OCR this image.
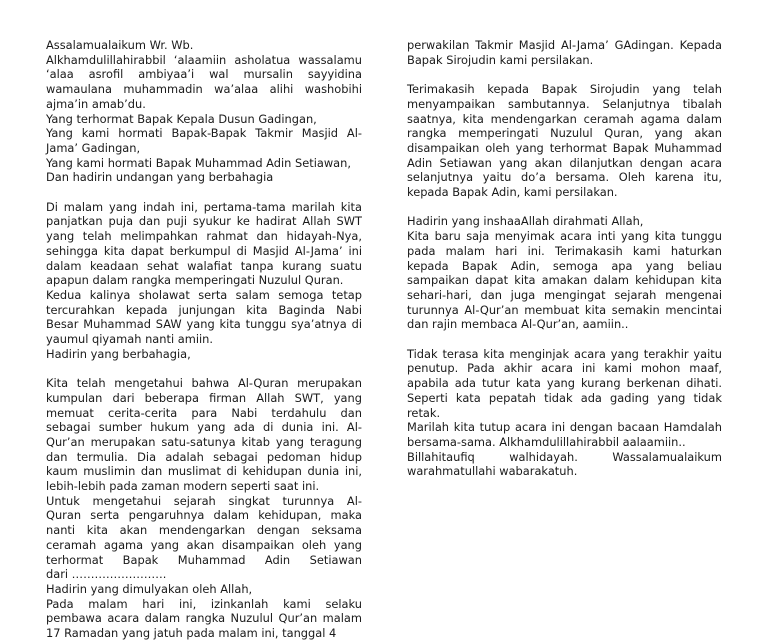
Assalamualaikum Wr. Wb.
Alkhamdulillahirabbil ‘alaamiin asholatua wassalamu
‘alaa asrofil ambiyaa’i wal mursalin sayyidina
wamaulana muhammadin wa’alaa alihi washobihi
ajma’in amab’du.
Yang terhormat Bapak Kepala Dusun Gadingan,
Yang kami hormati Bapak-Bapak Takmir Masjid Al-
Jama’ Gadingan,
Yang kami hormati Bapak Muhammad Adin Setiawan,
Dan hadirin undangan yang berbahagia
Di malam yang indah ini, pertama-tama marilah kita
panjatkan puja dan puji syukur ke hadirat Allah SWT
yang telah melimpahkan rahmat dan hidayah-Nya,
sehingga kita dapat berkumpul di Masjid Al-Jama’ ini
dalam keadaan sehat walafiat tanpa kurang suatu
apapun dalam rangka memperingati Nuzulul Quran.
Kedua kalinya sholawat serta salam semoga tetap
tercurahkan kepada junjungan kita Baginda Nabi
Besar Muhammad SAW yang kita tunggu sya’atnya di
yaumul qiyamah nanti amiin.
Hadirin yang berbahagia,
Kita telah mengetahui bahwa Al-Quran merupakan
kumpulan dari beberapa firman Allah SWT, yang
memuat cerita-cerita para Nabi terdahulu dan
sebagai sumber hukum yang ada di dunia ini. Al-
Qur’an merupakan satu-satunya kitab yang teragung
dan termulia. Dia adalah sebagai pedoman hidup
kaum muslimin dan muslimat di kehidupan dunia ini,
lebih-lebih pada zaman modern seperti saat ini.
Untuk mengetahui sejarah singkat turunnya Al-
Quran serta pengaruhnya dalam kehidupan, maka
nanti kita akan mendengarkan dengan seksama
ceramah agama yang akan disampaikan oleh yang
terhormat Bapak Muhammad Adin Setiawan
dari …………………….
Hadirin yang dimulyakan oleh Allah,
Pada malam hari ini, izinkanlah kami selaku
pembawa acara dalam rangka Nuzulul Qur’an malam
17 Ramadan yang jatuh pada malam ini, tanggal 4
perwakilan Takmir Masjid Al-Jama’ GAdingan. Kepada
Bapak Sirojudin kami persilakan.
Terimakasih kepada Bapak Sirojudin yang telah
menyampaikan sambutannya. Selanjutnya tibalah
saatnya, kita mendengarkan ceramah agama dalam
rangka memperingati Nuzulul Quran, yang akan
disampaikan oleh yang terhormat Bapak Muhammad
Adin Setiawan yang akan dilanjutkan dengan acara
selanjutnya yaitu do’a bersama. Oleh karena itu,
kepada Bapak Adin, kami persilakan.
Hadirin yang inshaaAllah dirahmati Allah,
Kita baru saja menyimak acara inti yang kita tunggu
pada malam hari ini. Terimakasih kami haturkan
kepada Bapak Adin, semoga apa yang beliau
sampaikan dapat kita amakan dalam kehidupan kita
sehari-hari, dan juga mengingat sejarah mengenai
turunnya Al-Qur’an membuat kita semakin mencintai
dan rajin membaca Al-Qur’an, aamiin..
Tidak terasa kita menginjak acara yang terakhir yaitu
penutup. Pada akhir acara ini kami mohon maaf,
apabila ada tutur kata yang kurang berkenan dihati.
Seperti kata pepatah tidak ada gading yang tidak
retak.
Marilah kita tutup acara ini dengan bacaan Hamdalah
bersama-sama. Alkhamdulillahirabbil aalaamiin..
Billahitaufiq walhidayah. Wassalamualaikum
warahmatullahi wabarakatuh.
